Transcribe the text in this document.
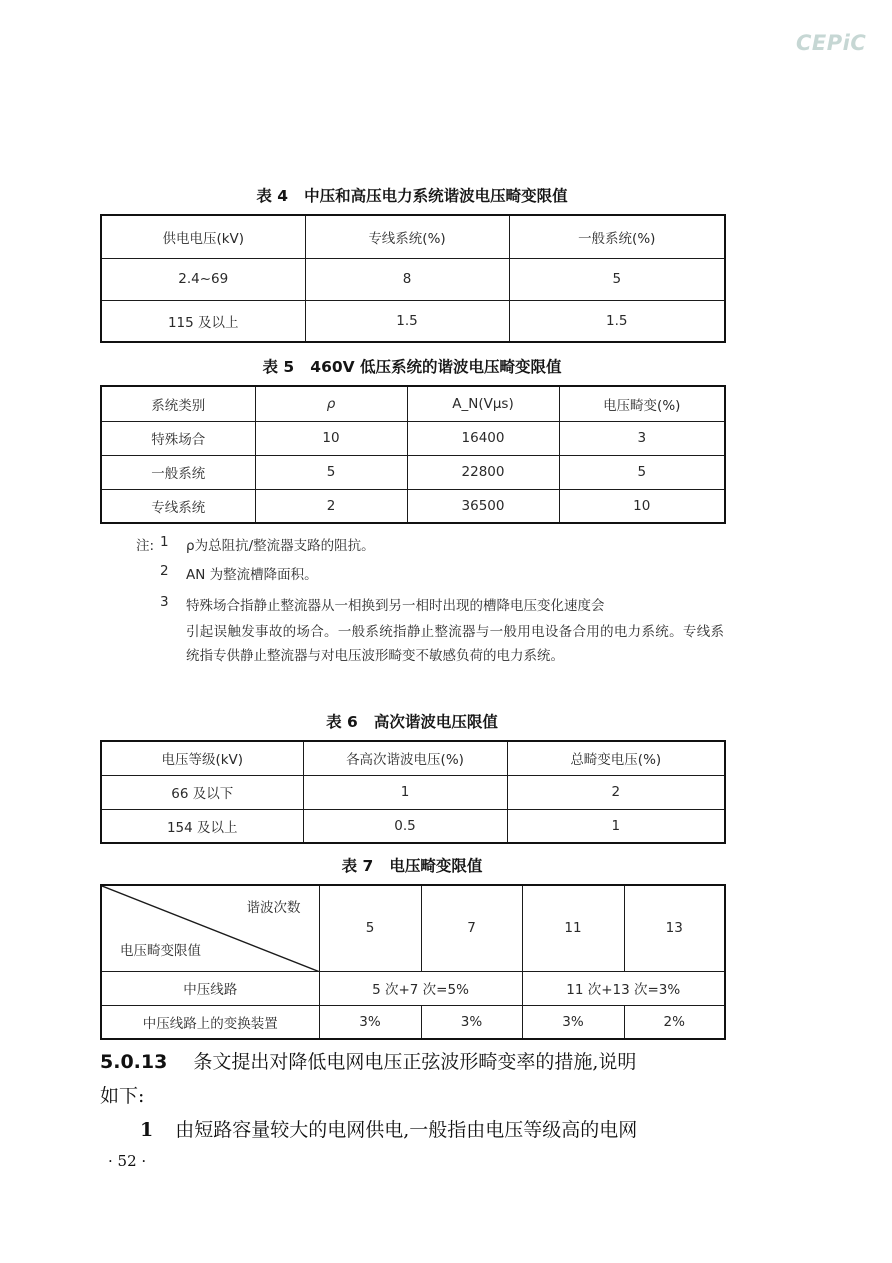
CEPiC
表 4   中压和高压电力系统谐波电压畸变限值
供电电压(kV)	专线系统(%)	一般系统(%)
2.4~69	8	5
115 及以上	1.5	1.5
表 5   460V 低压系统的谐波电压畸变限值
系统类别	ρ	A_N(Vμs)	电压畸变(%)
特殊场合	10	16400	3
一般系统	5	22800	5
专线系统	2	36500	10
注: 1 ρ为总阻抗/整流器支路的阻抗。
2 AN 为整流槽降面积。
3 特殊场合指静止整流器从一相换到另一相时出现的槽降电压变化速度会
引起误触发事故的场合。一般系统指静止整流器与一般用电设备合用的电力系统。专线系统指专供静止整流器与对电压波形畸变不敏感负荷的电力系统。
表 6   高次谐波电压限值
电压等级(kV)	各高次谐波电压(%)	总畸变电压(%)
66 及以下	1	2
154 及以上	0.5	1
表 7   电压畸变限值
谐波次数
电压畸变限值	5	7	11	13
中压线路	5 次+7 次=5%		11 次+13 次=3%	
中压线路上的变换装置	3%	3%	3%	2%
5.0.13 条文提出对降低电网电压正弦波形畸变率的措施,说明
如下:
1 由短路容量较大的电网供电,一般指由电压等级高的电网
· 52 ·
